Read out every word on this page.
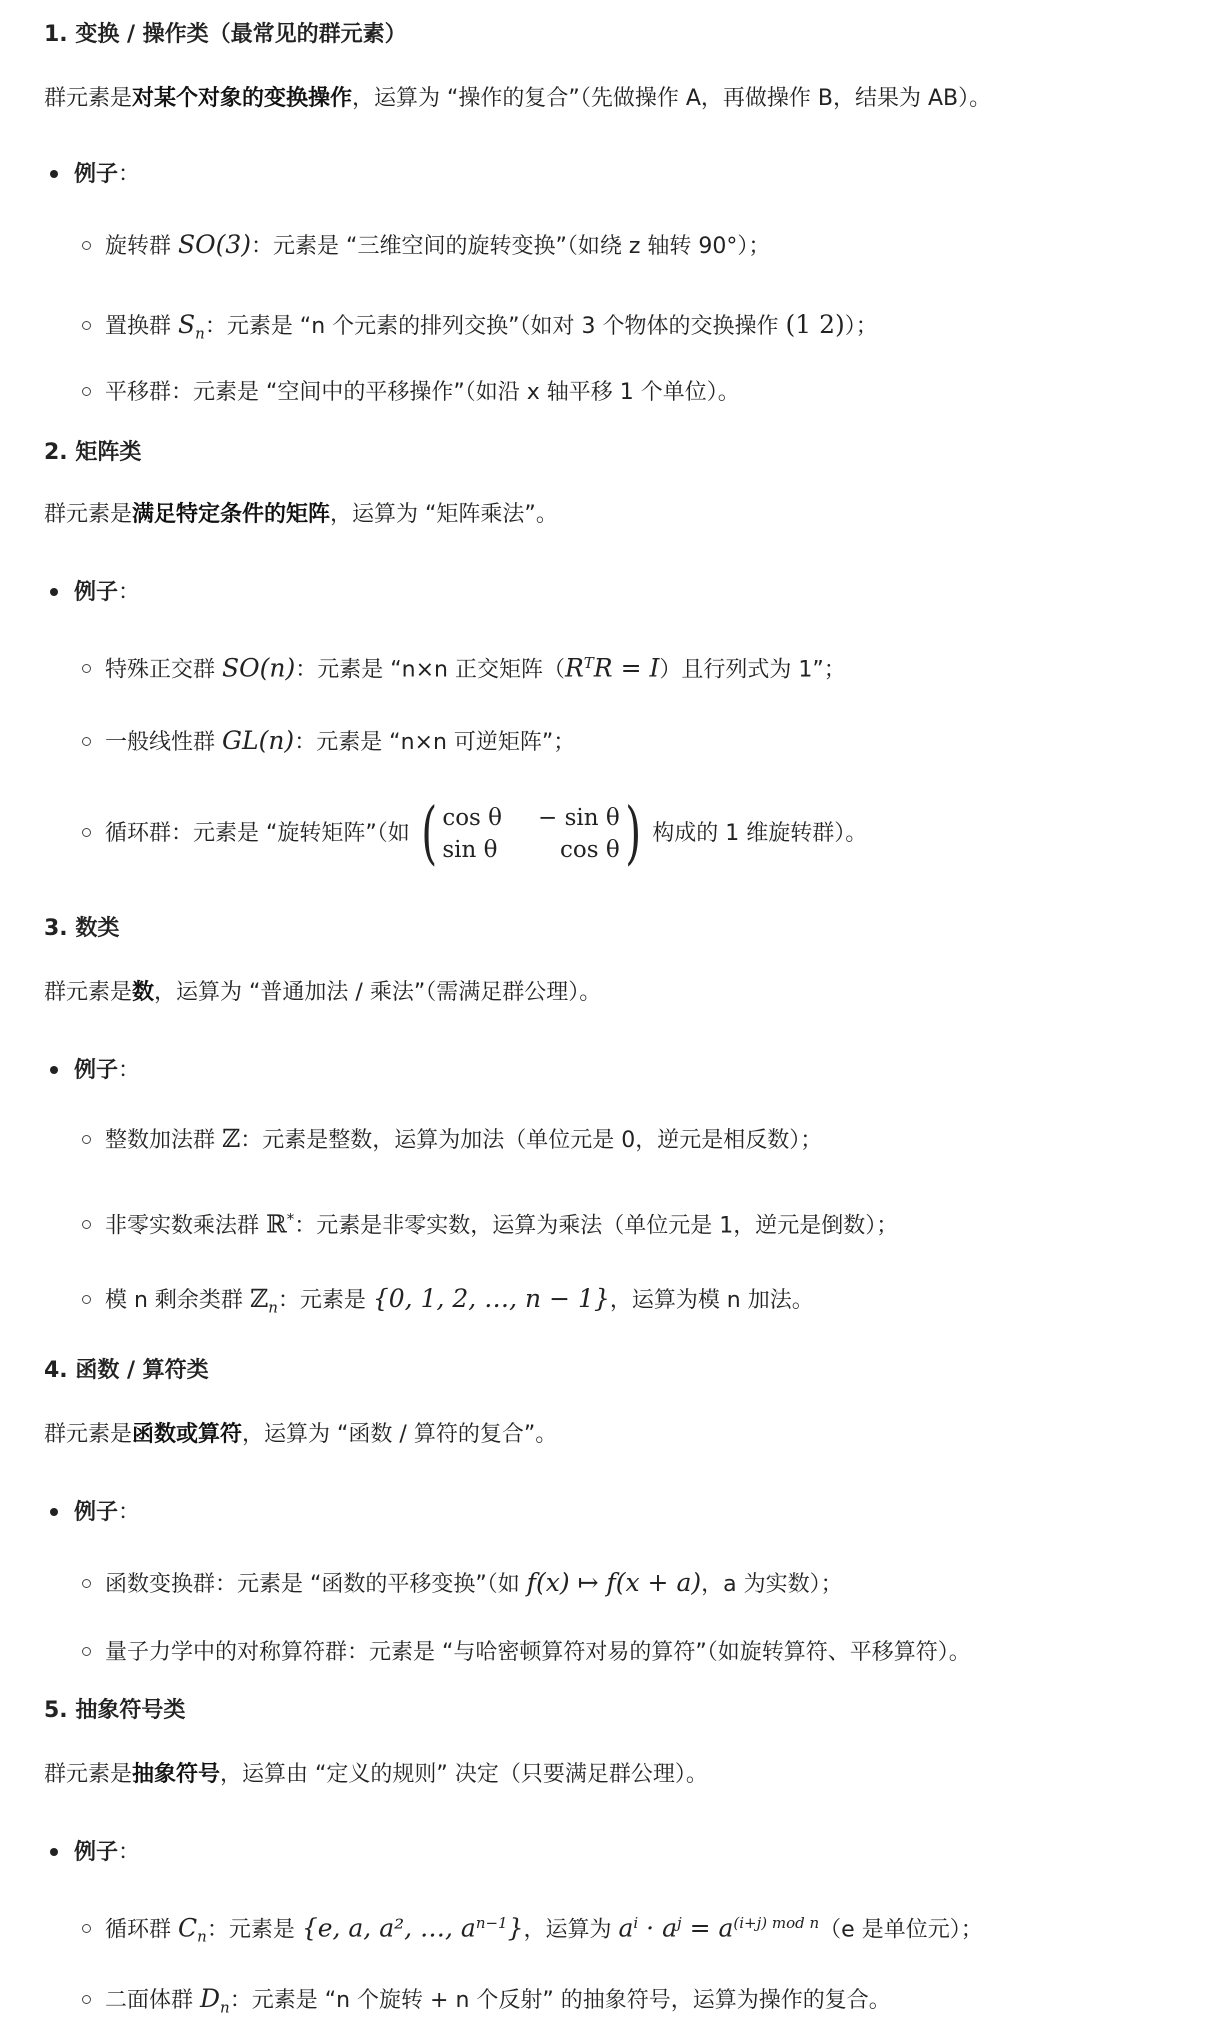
1. 变换 / 操作类（最常见的群元素）
群元素是对某个对象的变换操作，运算为 “操作的复合”（先做操作 A，再做操作 B，结果为 AB）。
例子：
旋转群 SO(3)：元素是 “三维空间的旋转变换”（如绕 z 轴转 90°）；
置换群 $S_n$：元素是 “n 个元素的排列交换”（如对 3 个物体的交换操作 (1 2)）；
平移群：元素是 “空间中的平移操作”（如沿 x 轴平移 1 个单位）。
2. 矩阵类
群元素是满足特定条件的矩阵，运算为 “矩阵乘法”。
例子：
特殊正交群 SO(n)：元素是 “n×n 正交矩阵$(R^TR = I)$且行列式为 1”；
一般线性群 GL(n)：元素是 “n×n 可逆矩阵”；
循环群：元素是 “旋转矩阵”（如 ( cos θ − sin θ
sin θ	cos θ ) 构成的 1 维旋转群）。
3. 数类
群元素是数，运算为 “普通加法 / 乘法”（需满足群公理）。
例子：
整数加法群 ℤ：元素是整数，运算为加法（单位元是 0，逆元是相反数）；
非零实数乘法群 ℝ*：元素是非零实数，运算为乘法（单位元是 1，逆元是倒数）；
模 n 剩余类群 ℤ$_n$：元素是 {0, 1, 2, …, n − 1}，运算为模 n 加法。
4. 函数 / 算符类
群元素是函数或算符，运算为 “函数 / 算符的复合”。
例子：
函数变换群：元素是 “函数的平移变换”（如 f(x) ↦ f(x + a)，a 为实数）；
量子力学中的对称算符群：元素是 “与哈密顿算符对易的算符”（如旋转算符、平移算符）。
5. 抽象符号类
群元素是抽象符号，运算由 “定义的规则” 决定（只要满足群公理）。
例子：
循环群 $C_n$：元素是 {e, a, a², …, $a^{n-1}$}，运算为 $a^i \cdot a^j = a^{(i+j) mod n}(e$ 是单位元）；
二面体群 $D_n$：元素是 “n 个旋转 + n 个反射” 的抽象符号，运算为操作的复合。
